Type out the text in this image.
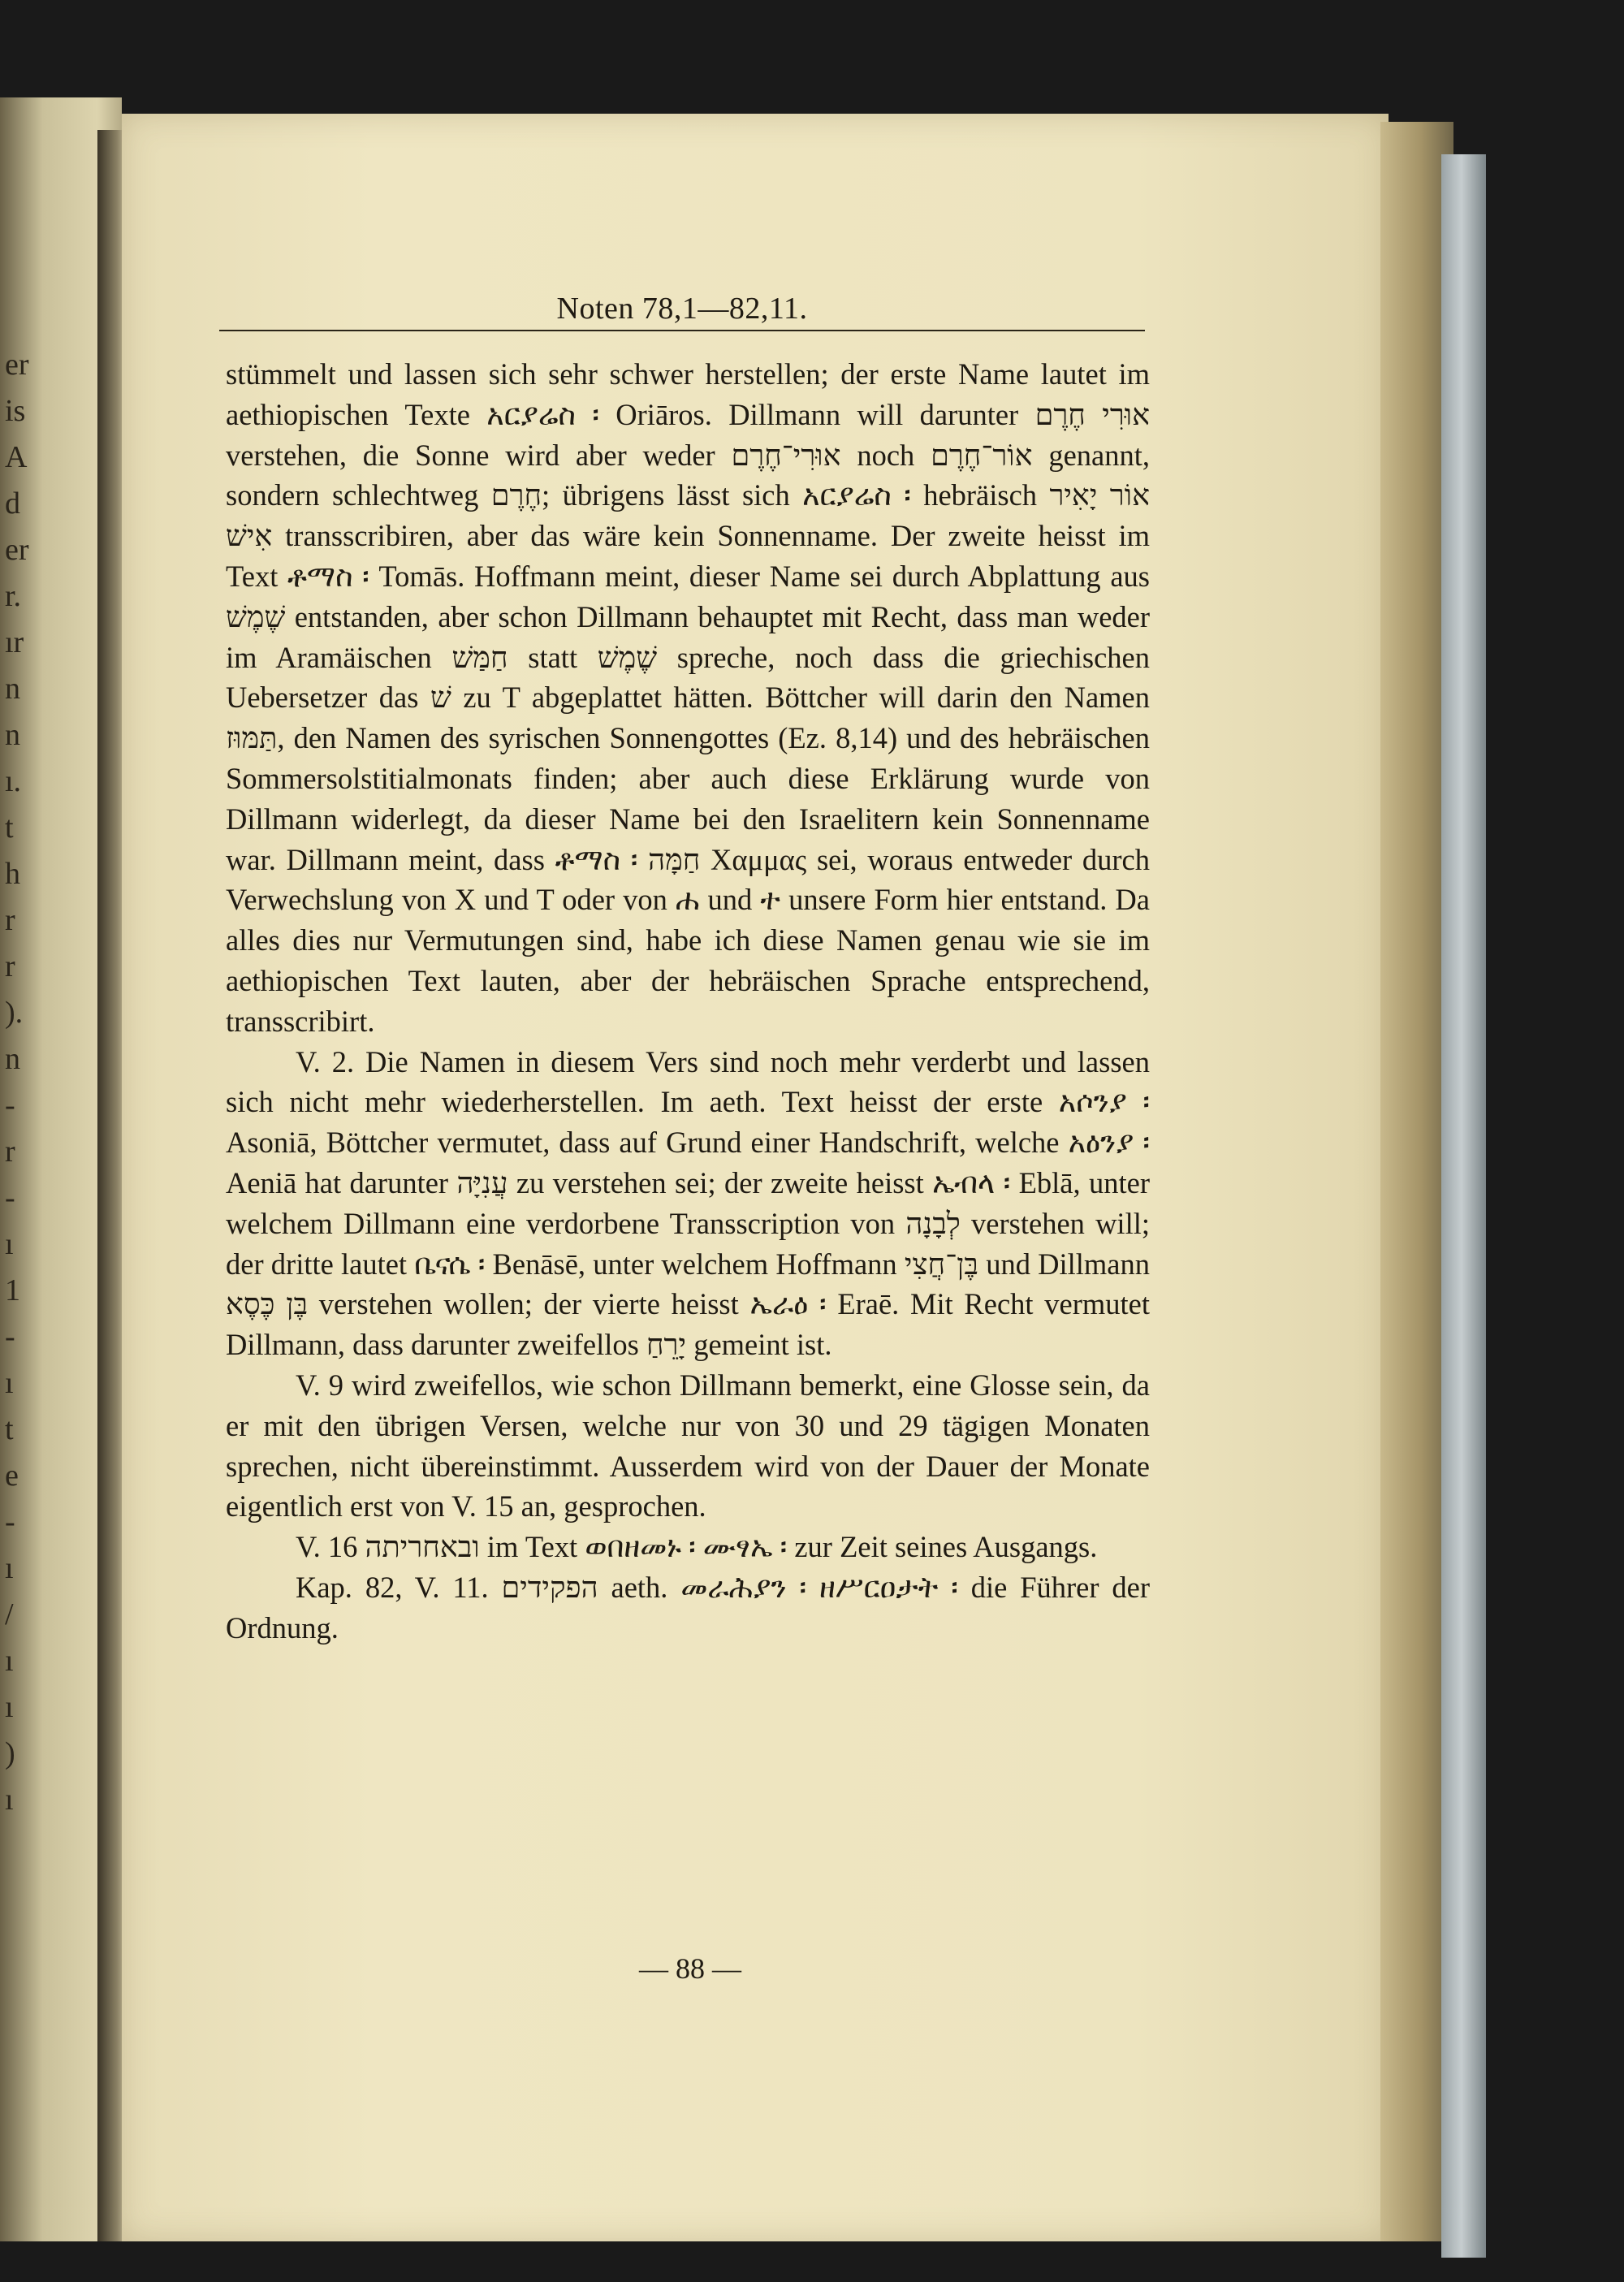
er
is
A
d
er
r.
ır
n
n
ı.
t
h
r
r
).
n
-
r
-
ı
1
-
ı
t
e
-
ı
/
ı
ı
)
ı
Noten 78,1—82,11.

stümmelt und lassen sich sehr schwer herstellen; der erste Name lautet im aethiopischen Texte አርያሬስ ፡ Oriāros. Dillmann will darunter אוּרִי חֶרֶם verstehen, die Sonne wird aber weder אוּרִי־חֶרֶם noch אוֹר־חֶרֶם genannt, sondern schlechtweg חֶרֶם; übrigens lässt sich አርያሬስ ፡ hebräisch אוֹר יָאִיר אִישׁ transscribiren, aber das wäre kein Sonnenname. Der zweite heisst im Text ቶማስ ፡ Tomās. Hoffmann meint, dieser Name sei durch Abplattung aus שֶׁמֶשׁ entstanden, aber schon Dillmann behauptet mit Recht, dass man weder im Aramäischen חַמַּשׁ statt שֶׁמֶשׁ spreche, noch dass die griechischen Uebersetzer das שׁ zu T abgeplattet hätten. Böttcher will darin den Namen תַּמּוּז, den Namen des syrischen Sonnengottes (Ez. 8,14) und des hebräischen Sommersolstitialmonats finden; aber auch diese Erklärung wurde von Dillmann widerlegt, da dieser Name bei den Israelitern kein Sonnenname war. Dillmann meint, dass ቶማስ ፡ חַמָּה Χαμμας sei, woraus entweder durch Verwechslung von X und T oder von ሐ und ተ unsere Form hier entstand. Da alles dies nur Vermutungen sind, habe ich diese Namen genau wie sie im aethiopischen Text lauten, aber der hebräischen Sprache entsprechend, transscribirt.

V. 2. Die Namen in diesem Vers sind noch mehr verderbt und lassen sich nicht mehr wiederherstellen. Im aeth. Text heisst der erste አሶንያ ፡ Asoniā, Böttcher vermutet, dass auf Grund einer Handschrift, welche አዕንያ ፡ Aeniā hat darunter עֲנִיָּה zu verstehen sei; der zweite heisst ኤብላ ፡ Eblā, unter welchem Dillmann eine verdorbene Transscription von לְבָנָה verstehen will; der dritte lautet ቤናሴ ፡ Benāsē, unter welchem Hoffmann בֶּן־חֲצִי und Dillmann בֶּן כֶּסֶא verstehen wollen; der vierte heisst ኤራዕ ፡ Eraē. Mit Recht vermutet Dillmann, dass darunter zweifellos יָרֵחַ gemeint ist.

V. 9 wird zweifellos, wie schon Dillmann bemerkt, eine Glosse sein, da er mit den übrigen Versen, welche nur von 30 und 29 tägigen Monaten sprechen, nicht übereinstimmt. Ausserdem wird von der Dauer der Monate eigentlich erst von V. 15 an, gesprochen.

V. 16 ובאחריתה im Text ወበዘመኑ ፡ ሙፃኤ ፡ zur Zeit seines Ausgangs.

Kap. 82, V. 11. הפקידים aeth. መራሕያን ፡ ዘሥርዐታት ፡ die Führer der Ordnung.

— 88 —
